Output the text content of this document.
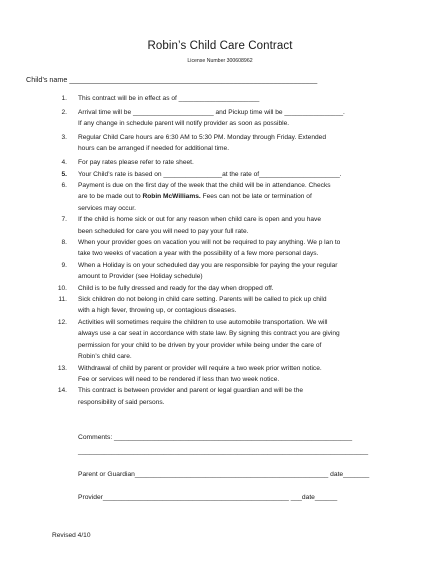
Robin’s Child Care Contract
License Number 300608962
Child’s name ______________________________________________________________
1. This contract will be in effect as of ______________________
2. Arrival time will be ______________________ and Pickup time will be ________________.
If any change in schedule parent will notify provider as soon as possible.
3. Regular Child Care hours are 6:30 AM to 5:30 PM. Monday through Friday. Extended
hours can be arranged if needed for additional time.
4. For pay rates please refer to rate sheet.
5. Your Child’s rate is based on ________________at the rate of______________________.
6. Payment is due on the first day of the week that the child will be in attendance. Checks
are to be made out to Robin McWilliams. Fees can not be late or termination of
services may occur.
7. If the child is home sick or out for any reason when child care is open and you have
been scheduled for care you will need to pay your full rate.
8. When your provider goes on vacation you will not be required to pay anything. We p lan to
take two weeks of vacation a year with the possibility of a few more personal days.
9. When a Holiday is on your scheduled day you are responsible for paying the your regular
amount to Provider (see Holiday schedule)
10. Child is to be fully dressed and ready for the day when dropped off.
11. Sick children do not belong in child care setting. Parents will be called to pick up child
with a high fever, throwing up, or contagious diseases.
12. Activities will sometimes require the children to use automobile transportation. We will
always use a car seat in accordance with state law. By signing this contract you are giving
permission for your child to be driven by your provider while being under the care of
Robin’s child care.
13. Withdrawal of child by parent or provider will require a two week prior written notice.
Fee or services will need to be rendered if less than two week notice.
14. This contract is between provider and parent or legal guardian and will be the
responsibility of said persons.
Comments: ________________________________________________________________
______________________________________________________________________________
Parent or Guardian____________________________________________________ date_______
Provider__________________________________________________ ___date______
Revised 4/10
